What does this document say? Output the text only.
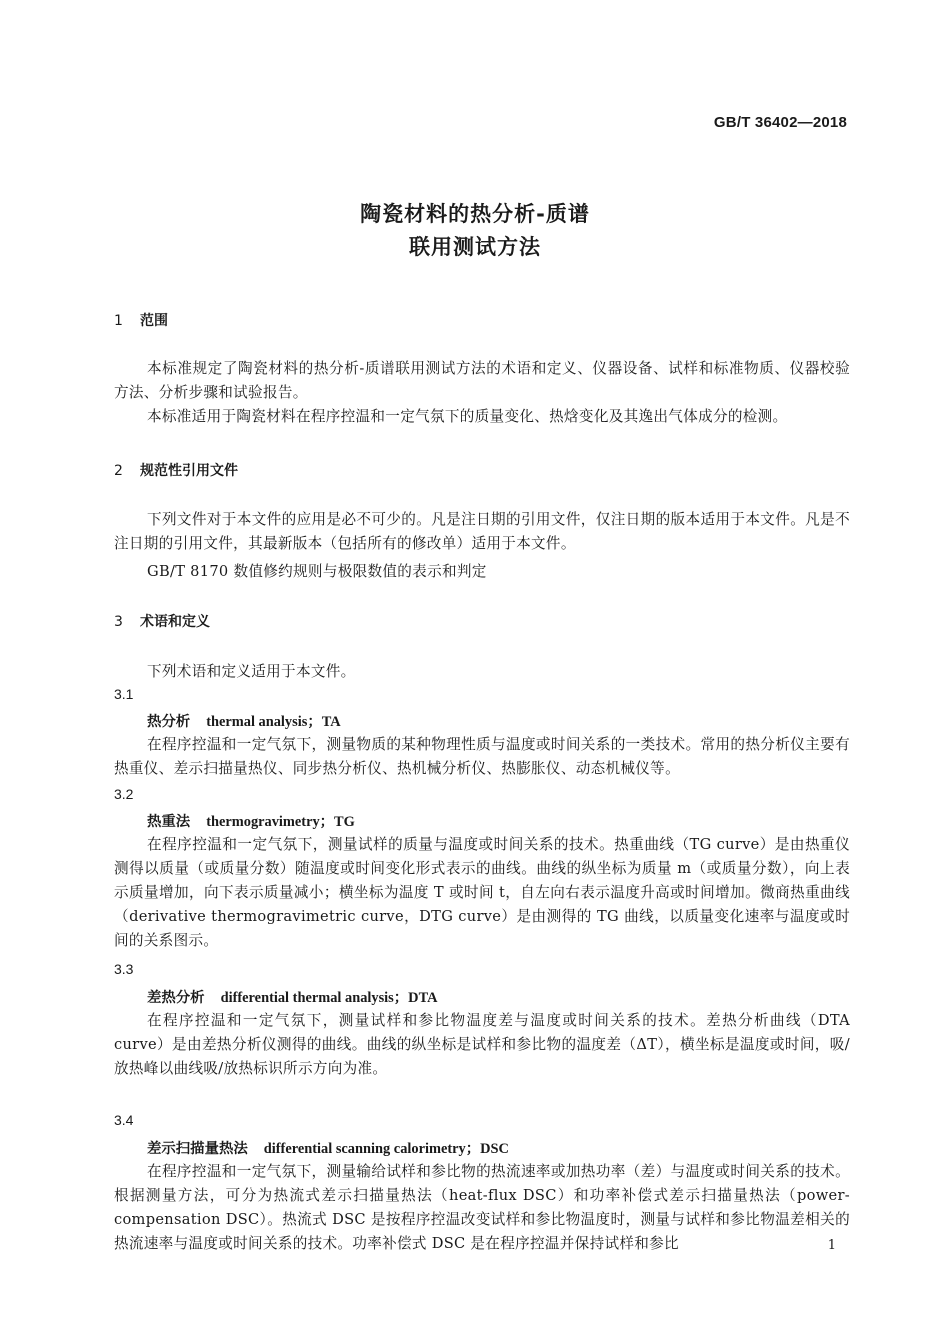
GB/T 36402—2018
陶瓷材料的热分析-质谱
联用测试方法
1 范围
本标准规定了陶瓷材料的热分析-质谱联用测试方法的术语和定义、仪器设备、试样和标准物质、仪器校验方法、分析步骤和试验报告。
本标准适用于陶瓷材料在程序控温和一定气氛下的质量变化、热焓变化及其逸出气体成分的检测。
2 规范性引用文件
下列文件对于本文件的应用是必不可少的。凡是注日期的引用文件，仅注日期的版本适用于本文件。凡是不注日期的引用文件，其最新版本（包括所有的修改单）适用于本文件。
GB/T 8170 数值修约规则与极限数值的表示和判定
3 术语和定义
下列术语和定义适用于本文件。
3.1
热分析 thermal analysis；TA
在程序控温和一定气氛下，测量物质的某种物理性质与温度或时间关系的一类技术。常用的热分析仪主要有热重仪、差示扫描量热仪、同步热分析仪、热机械分析仪、热膨胀仪、动态机械仪等。
3.2
热重法 thermogravimetry；TG
在程序控温和一定气氛下，测量试样的质量与温度或时间关系的技术。热重曲线（TG curve）是由热重仪测得以质量（或质量分数）随温度或时间变化形式表示的曲线。曲线的纵坐标为质量 m（或质量分数），向上表示质量增加，向下表示质量减小；横坐标为温度 T 或时间 t，自左向右表示温度升高或时间增加。微商热重曲线（derivative thermogravimetric curve，DTG curve）是由测得的 TG 曲线，以质量变化速率与温度或时间的关系图示。
3.3
差热分析 differential thermal analysis；DTA
在程序控温和一定气氛下，测量试样和参比物温度差与温度或时间关系的技术。差热分析曲线（DTA curve）是由差热分析仪测得的曲线。曲线的纵坐标是试样和参比物的温度差（ΔT），横坐标是温度或时间，吸/放热峰以曲线吸/放热标识所示方向为准。
3.4
差示扫描量热法 differential scanning calorimetry；DSC
在程序控温和一定气氛下，测量输给试样和参比物的热流速率或加热功率（差）与温度或时间关系的技术。根据测量方法，可分为热流式差示扫描量热法（heat-flux DSC）和功率补偿式差示扫描量热法（power-compensation DSC）。热流式 DSC 是按程序控温改变试样和参比物温度时，测量与试样和参比物温差相关的热流速率与温度或时间关系的技术。功率补偿式 DSC 是在程序控温并保持试样和参比	1
